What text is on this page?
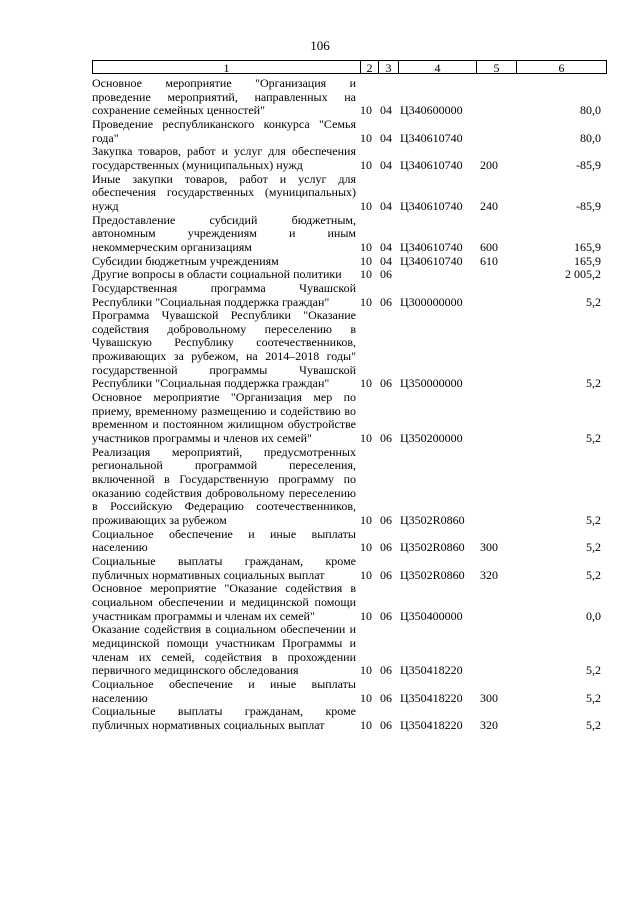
106
1	2	3	4	5	6
Основное мероприятие "Организация и проведение мероприятий, направленных на сохранение семейных ценностей"	10 04 Ц340600000	80,0
Проведение республиканского конкурса "Семья года"	10 04 Ц340610740	80,0
Закупка товаров, работ и услуг для обеспечения государственных (муниципальных) нужд	10 04 Ц340610740	200	-85,9
Иные закупки товаров, работ и услуг для обеспечения государственных (муниципальных) нужд	10 04 Ц340610740	240	-85,9
Предоставление субсидий бюджетным, автономным учреждениям и иным некоммерческим организациям	10 04 Ц340610740	600	165,9
Субсидии бюджетным учреждениям	10 04 Ц340610740	610	165,9
Другие вопросы в области социальной политики	10 06	2 005,2
Государственная программа Чувашской Республики "Социальная поддержка граждан"	10 06 Ц300000000	5,2
Программа Чувашской Республики "Оказание содействия добровольному переселению в Чувашскую Республику соотечественников, проживающих за рубежом, на 2014–2018 годы" государственной программы Чувашской Республики "Социальная поддержка граждан"	10 06 Ц350000000	5,2
Основное мероприятие "Организация мер по приему, временному размещению и содействию во временном и постоянном жилищном обустройстве участников программы и членов их семей"	10 06 Ц350200000	5,2
Реализация мероприятий, предусмотренных региональной программой переселения, включенной в Государственную программу по оказанию содействия добровольному переселению в Российскую Федерацию соотечественников, проживающих за рубежом	10 06 Ц3502R0860	5,2
Социальное обеспечение и иные выплаты населению	10 06 Ц3502R0860	300	5,2
Социальные выплаты гражданам, кроме публичных нормативных социальных выплат	10 06 Ц3502R0860	320	5,2
Основное мероприятие "Оказание содействия в социальном обеспечении и медицинской помощи участникам программы и членам их семей"	10 06 Ц350400000	0,0
Оказание содействия в социальном обеспечении и медицинской помощи участникам Программы и членам их семей, содействия в прохождении первичного медицинского обследования	10 06 Ц350418220	5,2
Социальное обеспечение и иные выплаты населению	10 06 Ц350418220	300	5,2
Социальные выплаты гражданам, кроме публичных нормативных социальных выплат	10 06 Ц350418220	320	5,2
